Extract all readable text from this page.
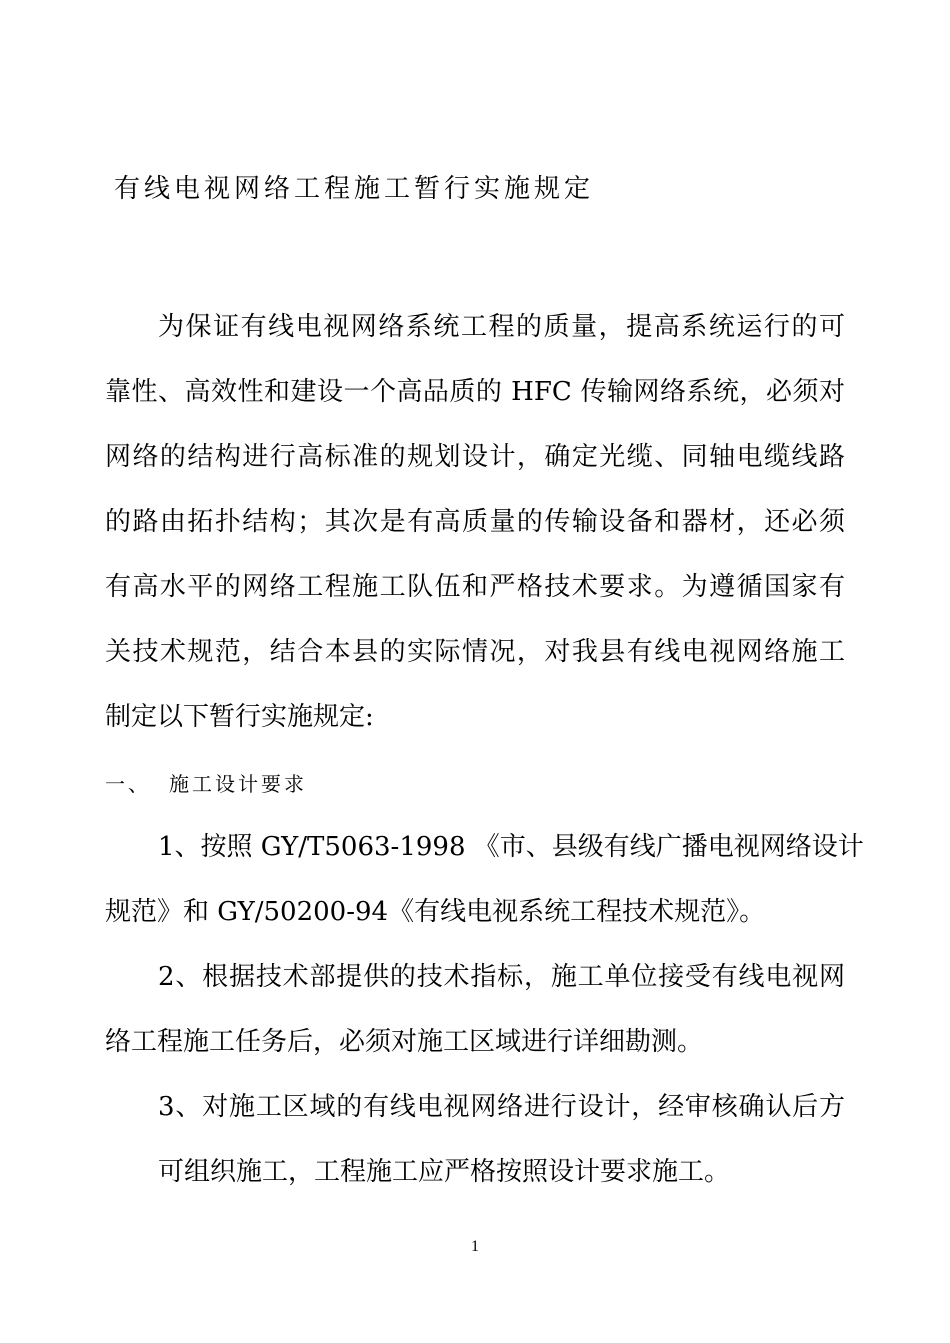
有线电视网络工程施工暂行实施规定
为保证有线电视网络系统工程的质量，提高系统运行的可
靠性、高效性和建设一个高品质的 HFC 传输网络系统，必须对
网络的结构进行高标准的规划设计，确定光缆、同轴电缆线路
的路由拓扑结构；其次是有高质量的传输设备和器材，还必须
有高水平的网络工程施工队伍和严格技术要求。为遵循国家有
关技术规范，结合本县的实际情况，对我县有线电视网络施工
制定以下暂行实施规定:
一、 施工设计要求
1、按照 GY/T5063-1998 《市、县级有线广播电视网络设计
规范》和 GY/50200-94《有线电视系统工程技术规范》。
2、根据技术部提供的技术指标，施工单位接受有线电视网
络工程施工任务后，必须对施工区域进行详细勘测。
3、对施工区域的有线电视网络进行设计，经审核确认后方
可组织施工，工程施工应严格按照设计要求施工。
1
